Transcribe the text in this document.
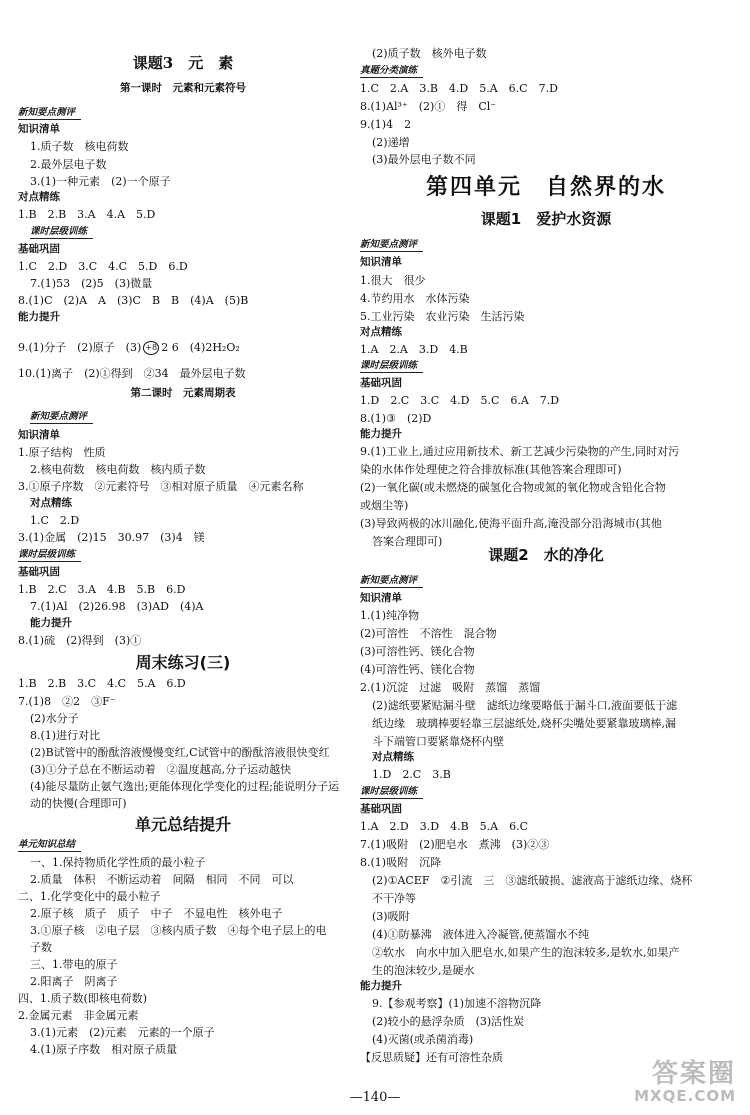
课题3　元　素
第一课时　元素和元素符号
新知要点测评
知识清单
1.质子数　核电荷数
2.最外层电子数
3.(1)一种元素　(2)一个原子
对点精练
1.B　2.B　3.A　4.A　5.D
课时层级训练
基础巩固
1.C　2.D　3.C　4.C　5.D　6.D
7.(1)53　(2)5　(3)微量
8.(1)C　(2)A　A　(3)C　B　B　(4)A　(5)B
能力提升
9.(1)分子　(2)原子　(3) +8 2 6　(4)2H₂O₂
10.(1)离子　(2)①得到　②34　最外层电子数
第二课时　元素周期表
新知要点测评
知识清单
1.原子结构　性质
2.核电荷数　核电荷数　核内质子数
3.①原子序数　②元素符号　③相对原子质量　④元素名称
对点精练
1.C　2.D
3.(1)金属　(2)15　30.97　(3)4　镁
课时层级训练
基础巩固
1.B　2.C　3.A　4.B　5.B　6.D
7.(1)Al　(2)26.98　(3)AD　(4)A
能力提升
8.(1)硫　(2)得到　(3)①
周末练习(三)
1.B　2.B　3.C　4.C　5.A　6.D
7.(1)8　②2　③F⁻
(2)水分子
8.(1)进行对比
(2)B试管中的酚酞溶液慢慢变红,C试管中的酚酞溶液很快变红
(3)①分子总在不断运动着　②温度越高,分子运动越快
(4)能尽量防止氨气逸出;更能体现化学变化的过程;能说明分子运
动的快慢(合理即可)
单元总结提升
单元知识总结
一、1.保持物质化学性质的最小粒子
2.质量　体积　不断运动着　间隔　相同　不同　可以
二、1.化学变化中的最小粒子
2.原子核　质子　质子　中子　不显电性　核外电子
3.①原子核　②电子层　③核内质子数　④每个电子层上的电
子数
三、1.带电的原子
2.阳离子　阴离子
四、1.质子数(即核电荷数)
2.金属元素　非金属元素
3.(1)元素　(2)元素　元素的一个原子
4.(1)原子序数　相对原子质量
(2)质子数　核外电子数
真题分类演练
1.C　2.A　3.B　4.D　5.A　6.C　7.D
8.(1)Al³⁺　(2)①　得　Cl⁻
9.(1)4　2
(2)递增
(3)最外层电子数不同
第四单元　自然界的水
课题1　爱护水资源
新知要点测评
知识清单
1.很大　很少
4.节约用水　水体污染
5.工业污染　农业污染　生活污染
对点精练
1.A　2.A　3.D　4.B
课时层级训练
基础巩固
1.D　2.C　3.C　4.D　5.C　6.A　7.D
8.(1)③　(2)D
能力提升
9.(1)工业上,通过应用新技术、新工艺减少污染物的产生,同时对污
染的水体作处理使之符合排放标准(其他答案合理即可)
(2)一氧化碳(或未燃烧的碳氢化合物或氮的氧化物或含铅化合物
或烟尘等)
(3)导致两极的冰川融化,使海平面升高,淹没部分沿海城市(其他
答案合理即可)
课题2　水的净化
新知要点测评
知识清单
1.(1)纯净物
(2)可溶性　不溶性　混合物
(3)可溶性钙、镁化合物
(4)可溶性钙、镁化合物
2.(1)沉淀　过滤　吸附　蒸馏　蒸馏
(2)滤纸要紧贴漏斗壁　滤纸边缘要略低于漏斗口,液面要低于滤
纸边缘　玻璃棒要轻靠三层滤纸处,烧杯尖嘴处要紧靠玻璃棒,漏
斗下端管口要紧靠烧杯内壁
对点精练
1.D　2.C　3.B
课时层级训练
基础巩固
1.A　2.D　3.D　4.B　5.A　6.C
7.(1)吸附　(2)肥皂水　煮沸　(3)②③
8.(1)吸附　沉降
(2)①ACEF　②引流　三　③滤纸破损、滤液高于滤纸边缘、烧杯
不干净等
(3)吸附
(4)①防暴沸　液体进入冷凝管,使蒸馏水不纯
②软水　向水中加入肥皂水,如果产生的泡沫较多,是软水,如果产
生的泡沫较少,是硬水
能力提升
9.【参观考察】(1)加速不溶物沉降
(2)较小的悬浮杂质　(3)活性炭
(4)灭菌(或杀菌消毒)
【反思质疑】还有可溶性杂质
—140—
答案圈
MXQE.COM
